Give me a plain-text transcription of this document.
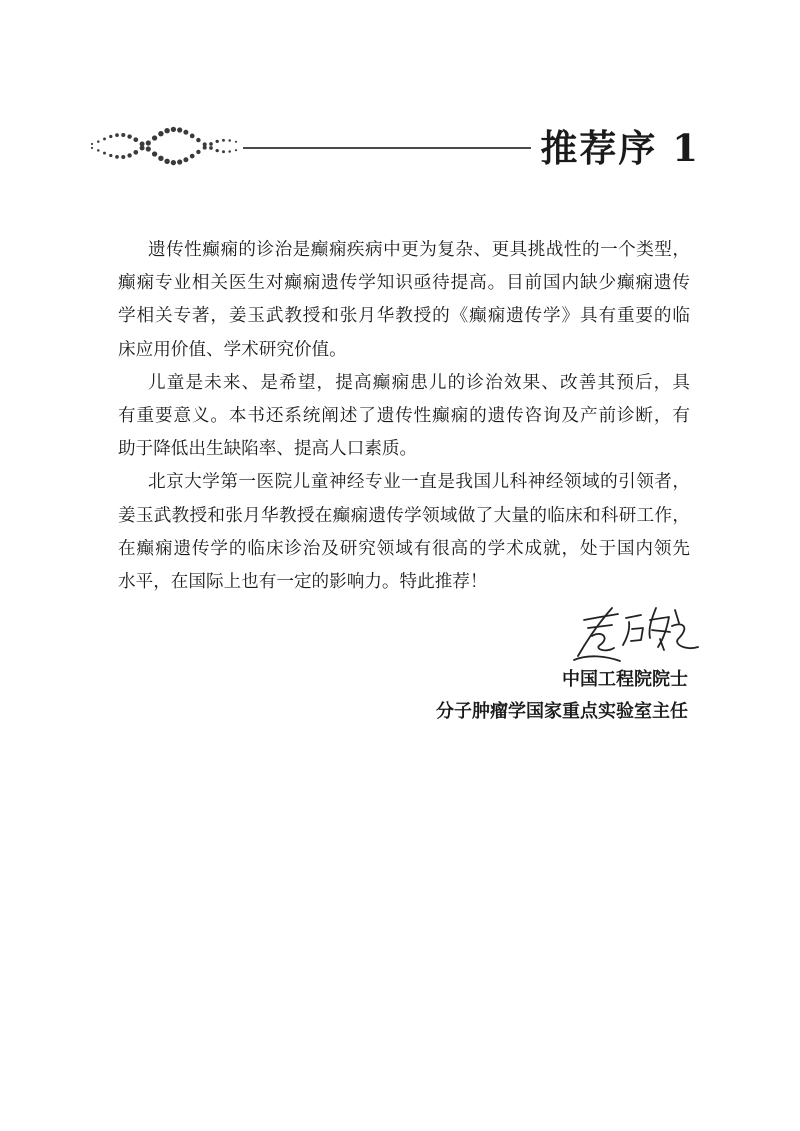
推荐序 1
遗传性癫痫的诊治是癫痫疾病中更为复杂、更具挑战性的一个类型，
癫痫专业相关医生对癫痫遗传学知识亟待提高。目前国内缺少癫痫遗传
学相关专著，姜玉武教授和张月华教授的《癫痫遗传学》具有重要的临
床应用价值、学术研究价值。
儿童是未来、是希望，提高癫痫患儿的诊治效果、改善其预后，具
有重要意义。本书还系统阐述了遗传性癫痫的遗传咨询及产前诊断，有
助于降低出生缺陷率、提高人口素质。
北京大学第一医院儿童神经专业一直是我国儿科神经领域的引领者，
姜玉武教授和张月华教授在癫痫遗传学领域做了大量的临床和科研工作，
在癫痫遗传学的临床诊治及研究领域有很高的学术成就，处于国内领先
水平，在国际上也有一定的影响力。特此推荐！
中国工程院院士
分子肿瘤学国家重点实验室主任
